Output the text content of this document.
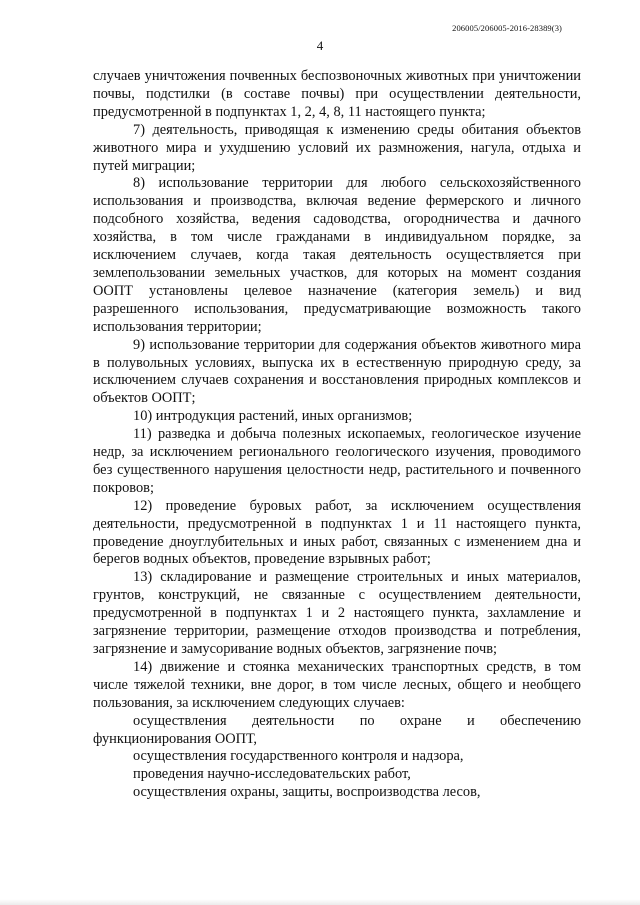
206005/206005-2016-28389(3)
4

случаев уничтожения почвенных беспозвоночных животных при уничтожении почвы, подстилки (в составе почвы) при осуществлении деятельности, предусмотренной в подпунктах 1, 2, 4, 8, 11 настоящего пункта;

7) деятельность, приводящая к изменению среды обитания объектов животного мира и ухудшению условий их размножения, нагула, отдыха и путей миграции;

8) использование территории для любого сельскохозяйственного использования и производства, включая ведение фермерского и личного подсобного хозяйства, ведения садоводства, огородничества и дачного хозяйства, в том числе гражданами в индивидуальном порядке, за исключением случаев, когда такая деятельность осуществляется при землепользовании земельных участков, для которых на момент создания ООПТ установлены целевое назначение (категория земель) и вид разрешенного использования, предусматривающие возможность такого использования территории;

9) использование территории для содержания объектов животного мира в полувольных условиях, выпуска их в естественную природную среду, за исключением случаев сохранения и восстановления природных комплексов и объектов ООПТ;

10) интродукция растений, иных организмов;

11) разведка и добыча полезных ископаемых, геологическое изучение недр, за исключением регионального геологического изучения, проводимого без существенного нарушения целостности недр, растительного и почвенного покровов;

12) проведение буровых работ, за исключением осуществления деятельности, предусмотренной в подпунктах 1 и 11 настоящего пункта, проведение дноуглубительных и иных работ, связанных с изменением дна и берегов водных объектов, проведение взрывных работ;

13) складирование и размещение строительных и иных материалов, грунтов, конструкций, не связанные с осуществлением деятельности, предусмотренной в подпунктах 1 и 2 настоящего пункта, захламление и загрязнение территории, размещение отходов производства и потребления, загрязнение и замусоривание водных объектов, загрязнение почв;

14) движение и стоянка механических транспортных средств, в том числе тяжелой техники, вне дорог, в том числе лесных, общего и необщего пользования, за исключением следующих случаев:

осуществления деятельности по охране и обеспечению функционирования ООПТ,

осуществления государственного контроля и надзора,

проведения научно-исследовательских работ,

осуществления охраны, защиты, воспроизводства лесов,
